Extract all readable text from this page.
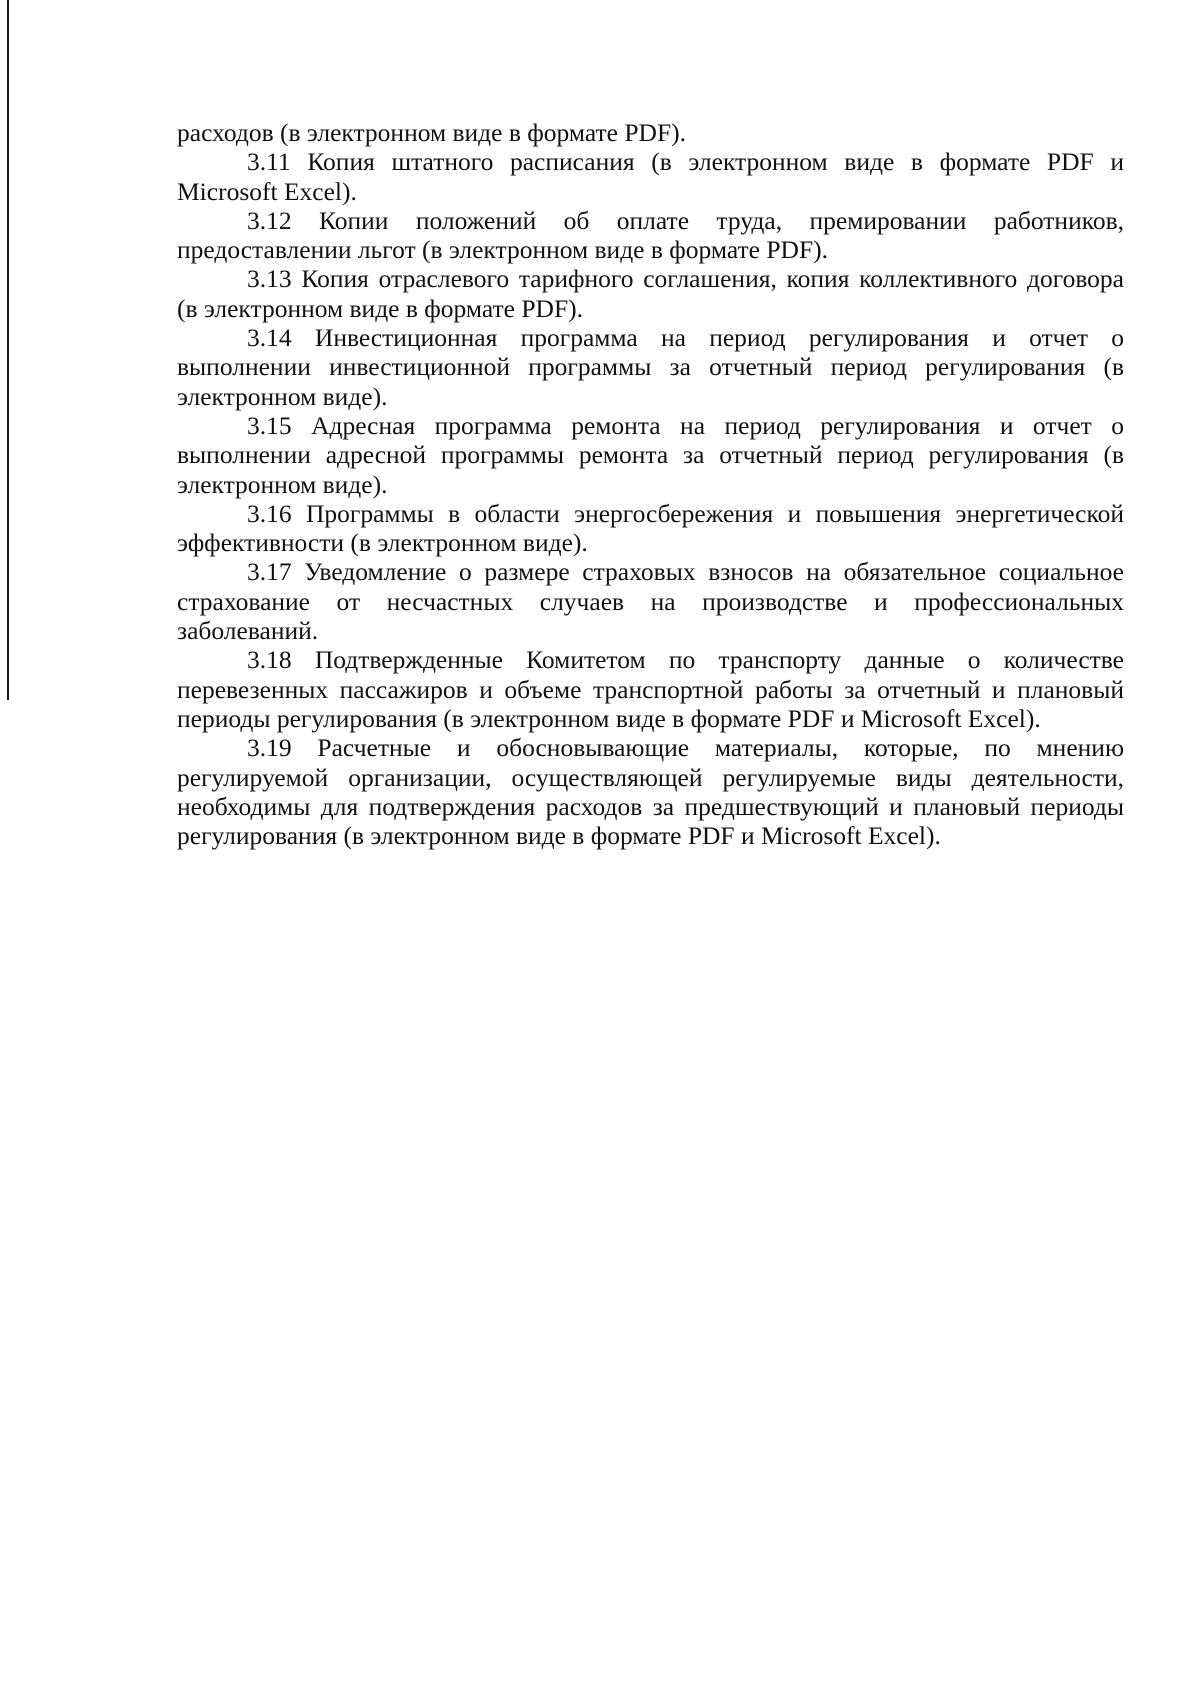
расходов (в электронном виде в формате PDF).

3.11 Копия штатного расписания (в электронном виде в формате PDF и Microsoft Excel).

3.12 Копии положений об оплате труда, премировании работников, предоставлении льгот (в электронном виде в формате PDF).

3.13 Копия отраслевого тарифного соглашения, копия коллективного договора (в электронном виде в формате PDF).

3.14 Инвестиционная программа на период регулирования и отчет о выполнении инвестиционной программы за отчетный период регулирования (в электронном виде).

3.15 Адресная программа ремонта на период регулирования и отчет о выполнении адресной программы ремонта за отчетный период регулирования (в электронном виде).

3.16 Программы в области энергосбережения и повышения энергетической эффективности (в электронном виде).

3.17 Уведомление о размере страховых взносов на обязательное социальное страхование от несчастных случаев на производстве и профессиональных заболеваний.

3.18 Подтвержденные Комитетом по транспорту данные о количестве перевезенных пассажиров и объеме транспортной работы за отчетный и плановый периоды регулирования (в электронном виде в формате PDF и Microsoft Excel).

3.19 Расчетные и обосновывающие материалы, которые, по мнению регулируемой организации, осуществляющей регулируемые виды деятельности, необходимы для подтверждения расходов за предшествующий и плановый периоды регулирования (в электронном виде в формате PDF и Microsoft Excel).
